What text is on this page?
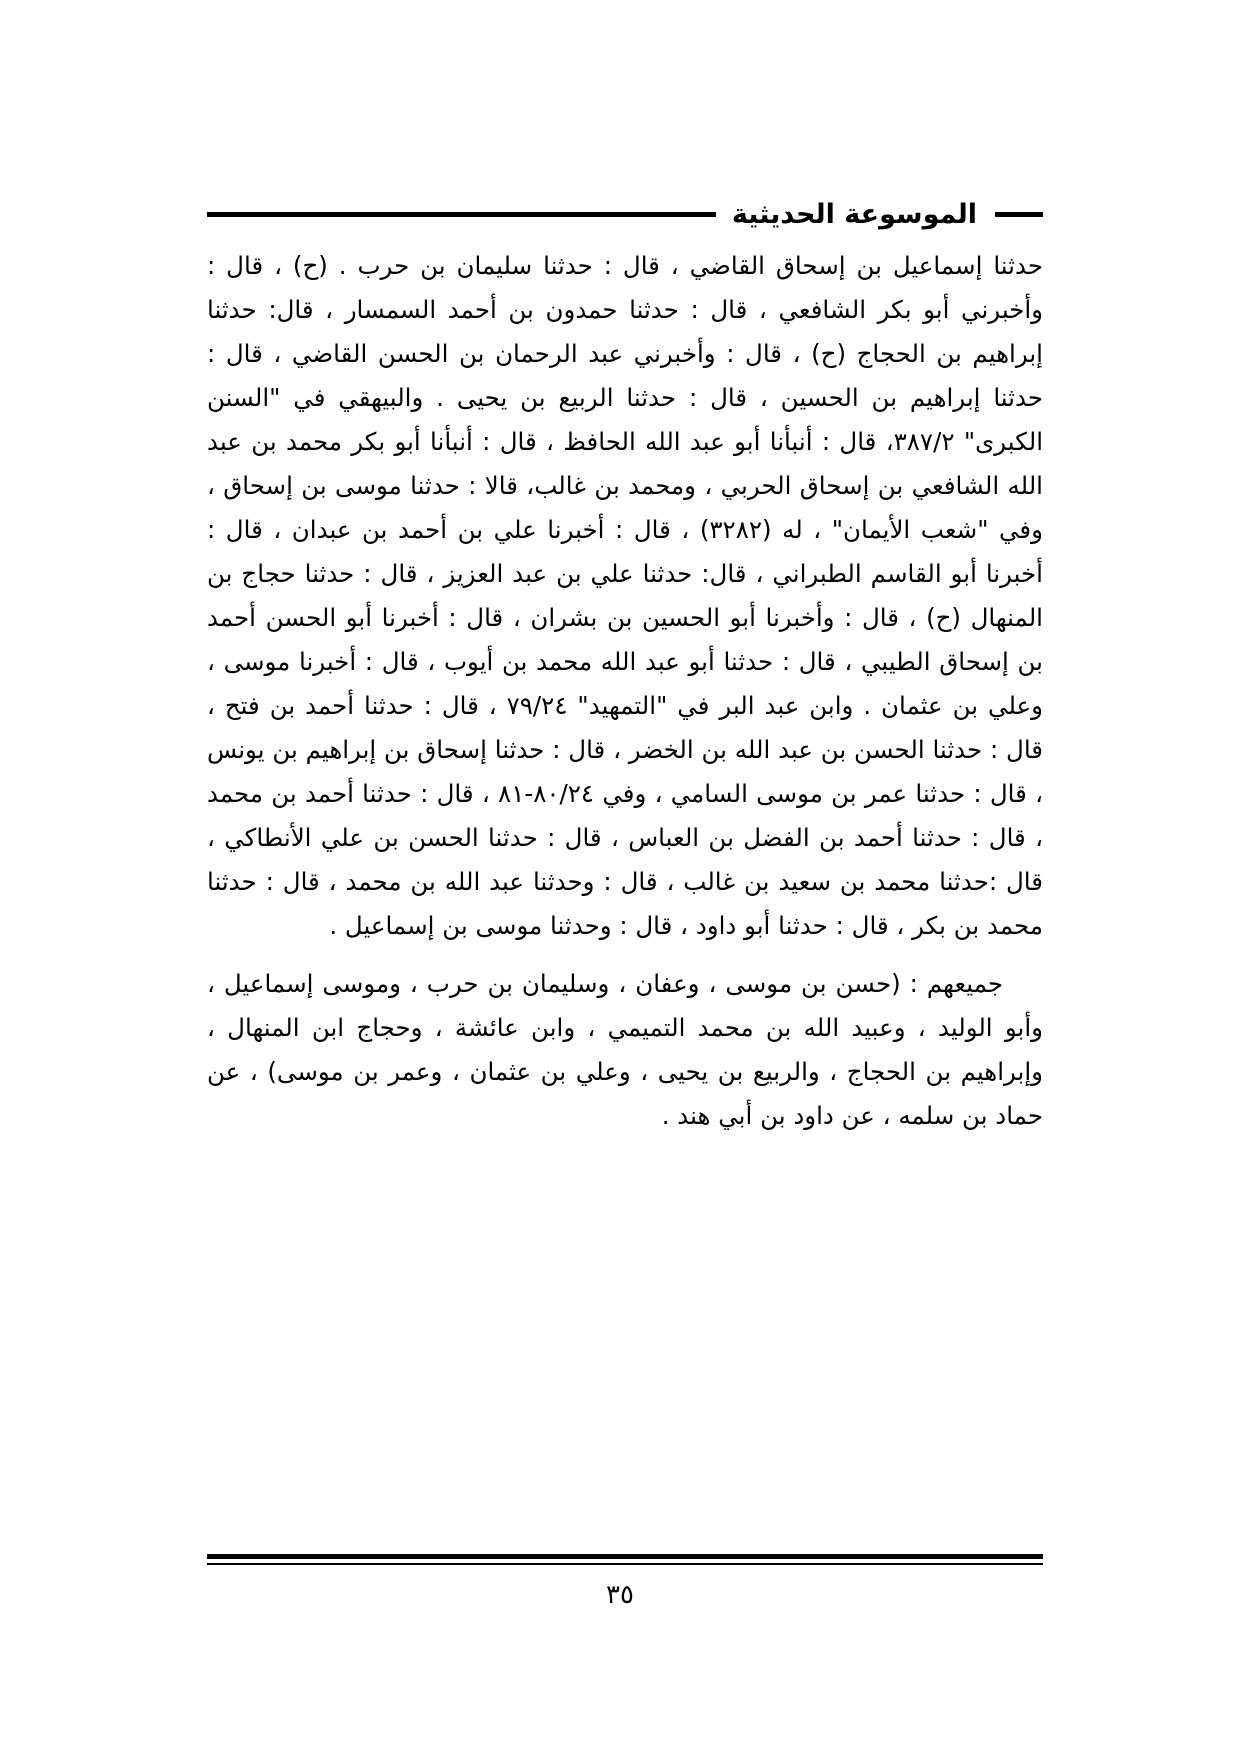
الموسوعة الحديثية

حدثنا إسماعيل بن إسحاق القاضي ، قال : حدثنا سليمان بن حرب . (ح) ، قال : وأخبرني أبو بكر الشافعي ، قال : حدثنا حمدون بن أحمد السمسار ، قال: حدثنا إبراهيم بن الحجاج (ح) ، قال : وأخبرني عبد الرحمان بن الحسن القاضي ، قال : حدثنا إبراهيم بن الحسين ، قال : حدثنا الربيع بن يحيى . والبيهقي في "السنن الكبرى" ٣٨٧/٢، قال : أنبأنا أبو عبد الله الحافظ ، قال : أنبأنا أبو بكر محمد بن عبد الله الشافعي بن إسحاق الحربي ، ومحمد بن غالب، قالا : حدثنا موسى بن إسحاق ، وفي "شعب الأيمان" ، له (٣٢٨٢) ، قال : أخبرنا علي بن أحمد بن عبدان ، قال : أخبرنا أبو القاسم الطبراني ، قال: حدثنا علي بن عبد العزيز ، قال : حدثنا حجاج بن المنهال (ح) ، قال : وأخبرنا أبو الحسين بن بشران ، قال : أخبرنا أبو الحسن أحمد بن إسحاق الطيبي ، قال : حدثنا أبو عبد الله محمد بن أيوب ، قال : أخبرنا موسى ، وعلي بن عثمان . وابن عبد البر في "التمهيد" ٧٩/٢٤ ، قال : حدثنا أحمد بن فتح ، قال : حدثنا الحسن بن عبد الله بن الخضر ، قال : حدثنا إسحاق بن إبراهيم بن يونس ، قال : حدثنا عمر بن موسى السامي ، وفي ٨٠/٢٤-٨١ ، قال : حدثنا أحمد بن محمد ، قال : حدثنا أحمد بن الفضل بن العباس ، قال : حدثنا الحسن بن علي الأنطاكي ، قال :حدثنا محمد بن سعيد بن غالب ، قال : وحدثنا عبد الله بن محمد ، قال : حدثنا محمد بن بكر ، قال : حدثنا أبو داود ، قال : وحدثنا موسى بن إسماعيل .

جميعهم : (حسن بن موسى ، وعفان ، وسليمان بن حرب ، وموسى إسماعيل ، وأبو الوليد ، وعبيد الله بن محمد التميمي ، وابن عائشة ، وحجاج ابن المنهال ، وإبراهيم بن الحجاج ، والربيع بن يحيى ، وعلي بن عثمان ، وعمر بن موسى) ، عن حماد بن سلمه ، عن داود بن أبي هند .

٣٥
